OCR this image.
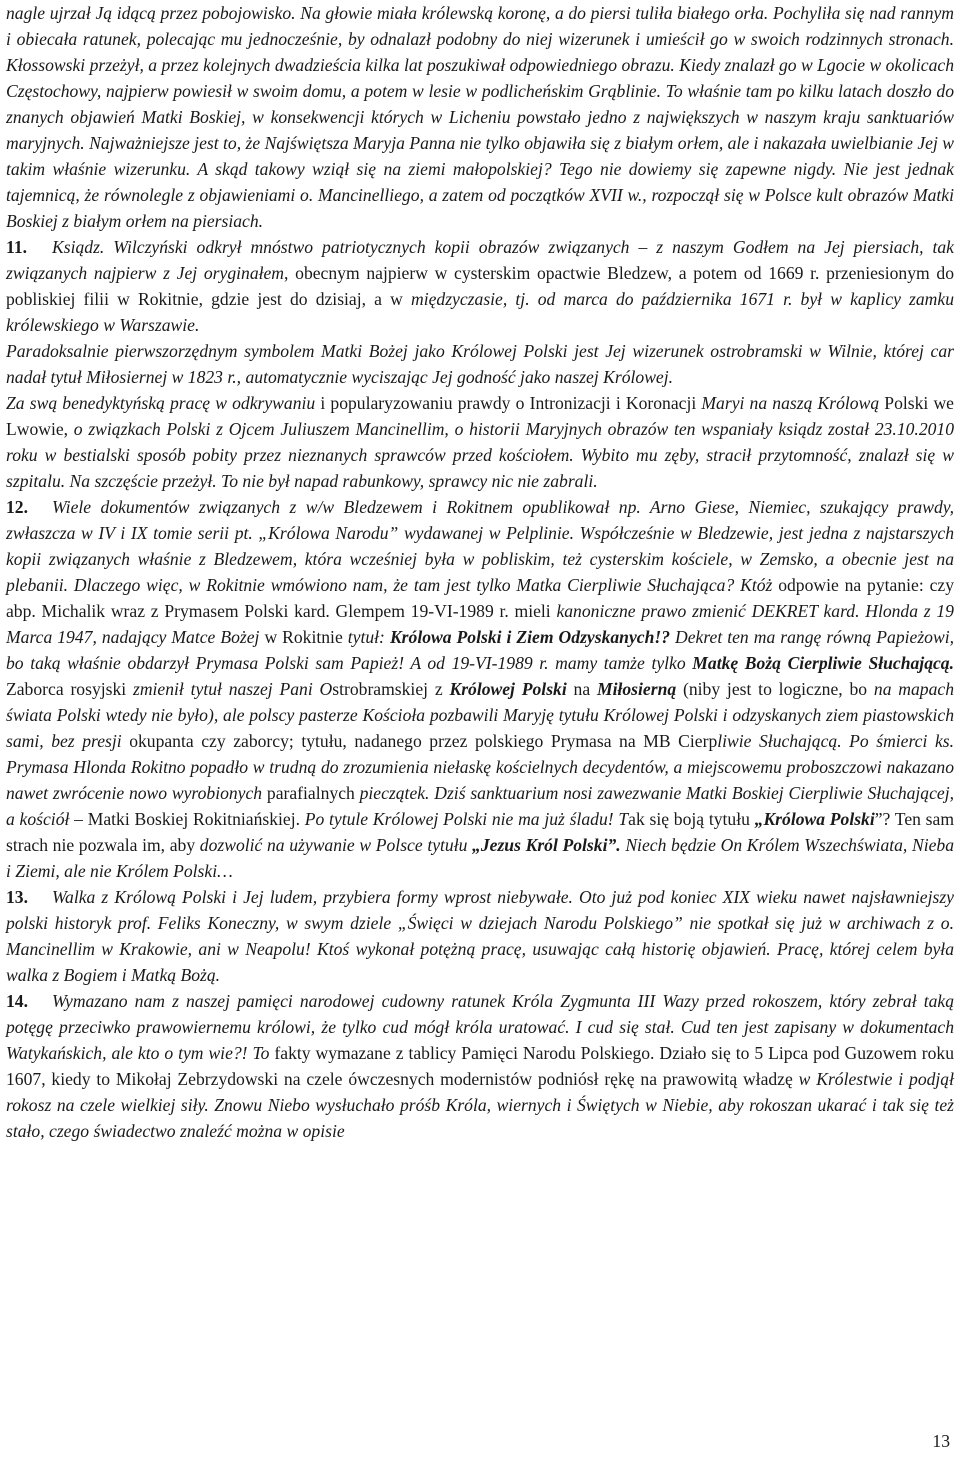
nagle ujrzał Ją idącą przez pobojowisko. Na głowie miała królewską koronę, a do piersi tuliła białego orła. Pochyliła się nad rannym i obiecała ratunek, polecając mu jednocześnie, by odnalazł podobny do niej wizerunek i umieścił go w swoich rodzinnych stronach. Kłossowski przeżył, a przez kolejnych dwadzieścia kilka lat poszukiwał odpowiedniego obrazu. Kiedy znalazł go w Lgocie w okolicach Częstochowy, najpierw powiesił w swoim domu, a potem w lesie w podlicheńskim Grąblinie. To właśnie tam po kilku latach doszło do znanych objawień Matki Boskiej, w konsekwencji których w Licheniu powstało jedno z największych w naszym kraju sanktuariów maryjnych. Najważniejsze jest to, że Najświętsza Maryja Panna nie tylko objawiła się z białym orłem, ale i nakazała uwielbianie Jej w takim właśnie wizerunku. A skąd takowy wziął się na ziemi małopolskiej? Tego nie dowiemy się zapewne nigdy. Nie jest jednak tajemnicą, że równolegle z objawieniami o. Mancinelliego, a zatem od początków XVII w., rozpoczął się w Polsce kult obrazów Matki Boskiej z białym orłem na piersiach.

11. Ksiądz. Wilczyński odkrył mnóstwo patriotycznych kopii obrazów związanych – z naszym Godłem na Jej piersiach, tak związanych najpierw z Jej oryginałem, obecnym najpierw w cysterskim opactwie Bledzew, a potem od 1669 r. przeniesionym do pobliskiej filii w Rokitnie, gdzie jest do dzisiaj, a w międzyczasie, tj. od marca do października 1671 r. był w kaplicy zamku królewskiego w Warszawie.

Paradoksalnie pierwszorzędnym symbolem Matki Bożej jako Królowej Polski jest Jej wizerunek ostrobramski w Wilnie, której car nadał tytuł Miłosiernej w 1823 r., automatycznie wyciszając Jej godność jako naszej Królowej.

Za swą benedyktyńską pracę w odkrywaniu i popularyzowaniu prawdy o Intronizacji i Koronacji Maryi na naszą Królową Polski we Lwowie, o związkach Polski z Ojcem Juliuszem Mancinellim, o historii Maryjnych obrazów ten wspaniały ksiądz został 23.10.2010 roku w bestialski sposób pobity przez nieznanych sprawców przed kościołem. Wybito mu zęby, stracił przytomność, znalazł się w szpitalu. Na szczęście przeżył. To nie był napad rabunkowy, sprawcy nic nie zabrali.

12. Wiele dokumentów związanych z w/w Bledzewem i Rokitnem opublikował np. Arno Giese, Niemiec, szukający prawdy, zwłaszcza w IV i IX tomie serii pt. „Królowa Narodu” wydawanej w Pelplinie. Współcześnie w Bledzewie, jest jedna z najstarszych kopii związanych właśnie z Bledzewem, która wcześniej była w pobliskim, też cysterskim kościele, w Zemsko, a obecnie jest na plebanii. Dlaczego więc, w Rokitnie wmówiono nam, że tam jest tylko Matka Cierpliwie Słuchająca? Któż odpowie na pytanie: czy abp. Michalik wraz z Prymasem Polski kard. Glempem 19-VI-1989 r. mieli kanoniczne prawo zmienić DEKRET kard. Hlonda z 19 Marca 1947, nadający Matce Bożej w Rokitnie tytuł: Królowa Polski i Ziem Odzyskanych!? Dekret ten ma rangę równą Papieżowi, bo taką właśnie obdarzył Prymasa Polski sam Papież! A od 19-VI-1989 r. mamy tamże tylko Matkę Bożą Cierpliwie Słuchającą. Zaborca rosyjski zmienił tytuł naszej Pani Ostrobramskiej z Królowej Polski na Miłosierną (niby jest to logiczne, bo na mapach świata Polski wtedy nie było), ale polscy pasterze Kościoła pozbawili Maryję tytułu Królowej Polski i odzyskanych ziem piastowskich sami, bez presji okupanta czy zaborcy; tytułu, nadanego przez polskiego Prymasa na MB Cierpliwie Słuchającą. Po śmierci ks. Prymasa Hlonda Rokitno popadło w trudną do zrozumienia niełaskę kościelnych decydentów, a miejscowemu proboszczowi nakazano nawet zwrócenie nowo wyrobionych parafialnych pieczątek. Dziś sanktuarium nosi zawezwanie Matki Boskiej Cierpliwie Słuchającej, a kościół – Matki Boskiej Rokitniańskiej. Po tytule Królowej Polski nie ma już śladu! Tak się boją tytułu „Królowa Polski”? Ten sam strach nie pozwala im, aby dozwolić na używanie w Polsce tytułu „Jezus Król Polski”. Niech będzie On Królem Wszechświata, Nieba i Ziemi, ale nie Królem Polski…

13. Walka z Królową Polski i Jej ludem, przybiera formy wprost niebywałe. Oto już pod koniec XIX wieku nawet najsławniejszy polski historyk prof. Feliks Koneczny, w swym dziele „Święci w dziejach Narodu Polskiego” nie spotkał się już w archiwach z o. Mancinellim w Krakowie, ani w Neapolu! Ktoś wykonał potężną pracę, usuwając całą historię objawień. Pracę, której celem była walka z Bogiem i Matką Bożą.

14. Wymazano nam z naszej pamięci narodowej cudowny ratunek Króla Zygmunta III Wazy przed rokoszem, który zebrał taką potęgę przeciwko prawowiernemu królowi, że tylko cud mógł króla uratować. I cud się stał. Cud ten jest zapisany w dokumentach Watykańskich, ale kto o tym wie?! To fakty wymazane z tablicy Pamięci Narodu Polskiego. Działo się to 5 Lipca pod Guzowem roku 1607, kiedy to Mikołaj Zebrzydowski na czele ówczesnych modernistów podniósł rękę na prawowitą władzę w Królestwie i podjął rokosz na czele wielkiej siły. Znowu Niebo wysłuchało próśb Króla, wiernych i Świętych w Niebie, aby rokoszan ukarać i tak się też stało, czego świadectwo znaleźć można w opisie

13
